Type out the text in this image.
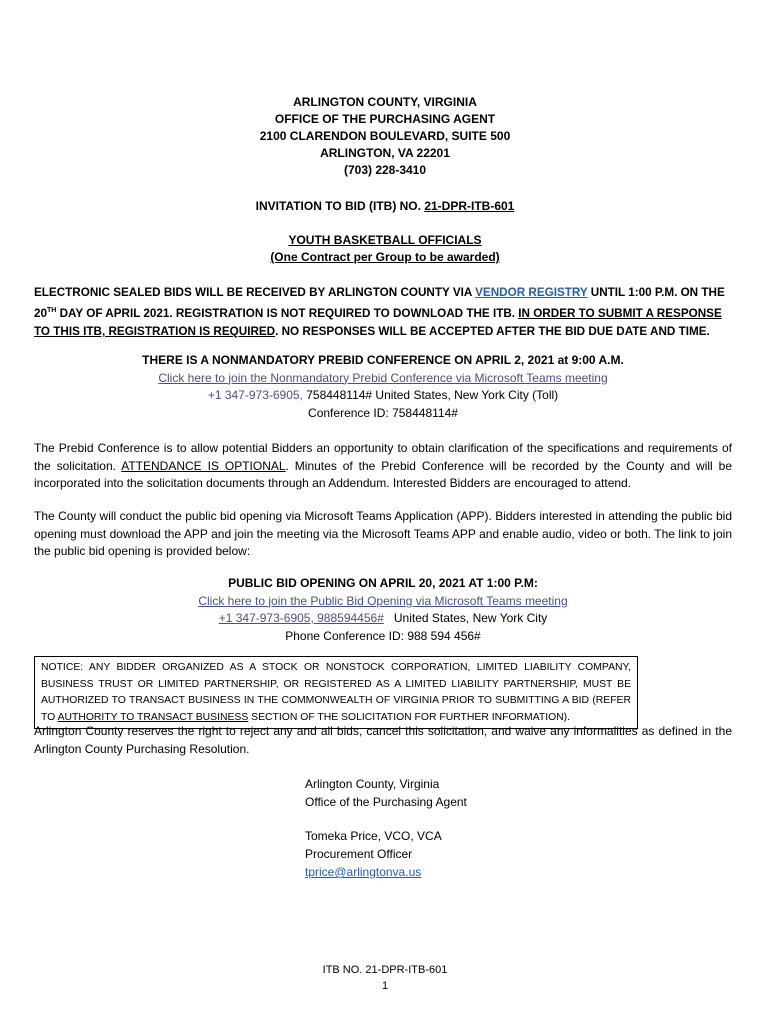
ARLINGTON COUNTY, VIRGINIA
OFFICE OF THE PURCHASING AGENT
2100 CLARENDON BOULEVARD, SUITE 500
ARLINGTON, VA 22201
(703) 228-3410
INVITATION TO BID (ITB) NO. 21-DPR-ITB-601
YOUTH BASKETBALL OFFICIALS
(One Contract per Group to be awarded)
ELECTRONIC SEALED BIDS WILL BE RECEIVED BY ARLINGTON COUNTY VIA VENDOR REGISTRY UNTIL 1:00 P.M. ON THE 20TH DAY OF APRIL 2021. REGISTRATION IS NOT REQUIRED TO DOWNLOAD THE ITB. IN ORDER TO SUBMIT A RESPONSE TO THIS ITB, REGISTRATION IS REQUIRED. NO RESPONSES WILL BE ACCEPTED AFTER THE BID DUE DATE AND TIME.
THERE IS A NONMANDATORY PREBID CONFERENCE ON APRIL 2, 2021 at 9:00 A.M.
Click here to join the Nonmandatory Prebid Conference via Microsoft Teams meeting
+1 347-973-6905, 758448114# United States, New York City (Toll)
Conference ID: 758448114#
The Prebid Conference is to allow potential Bidders an opportunity to obtain clarification of the specifications and requirements of the solicitation. ATTENDANCE IS OPTIONAL. Minutes of the Prebid Conference will be recorded by the County and will be incorporated into the solicitation documents through an Addendum. Interested Bidders are encouraged to attend.
The County will conduct the public bid opening via Microsoft Teams Application (APP). Bidders interested in attending the public bid opening must download the APP and join the meeting via the Microsoft Teams APP and enable audio, video or both. The link to join the public bid opening is provided below:
PUBLIC BID OPENING ON APRIL 20, 2021 AT 1:00 P.M:
Click here to join the Public Bid Opening via Microsoft Teams meeting
+1 347-973-6905, 988594456#   United States, New York City
Phone Conference ID: 988 594 456#
NOTICE: ANY BIDDER ORGANIZED AS A STOCK OR NONSTOCK CORPORATION, LIMITED LIABILITY COMPANY, BUSINESS TRUST OR LIMITED PARTNERSHIP, OR REGISTERED AS A LIMITED LIABILITY PARTNERSHIP, MUST BE AUTHORIZED TO TRANSACT BUSINESS IN THE COMMONWEALTH OF VIRGINIA PRIOR TO SUBMITTING A BID (REFER TO AUTHORITY TO TRANSACT BUSINESS SECTION OF THE SOLICITATION FOR FURTHER INFORMATION).
Arlington County reserves the right to reject any and all bids, cancel this solicitation, and waive any informalities as defined in the Arlington County Purchasing Resolution.
Arlington County, Virginia
Office of the Purchasing Agent
Tomeka Price, VCO, VCA
Procurement Officer
tprice@arlingtonva.us
ITB NO. 21-DPR-ITB-601
1
